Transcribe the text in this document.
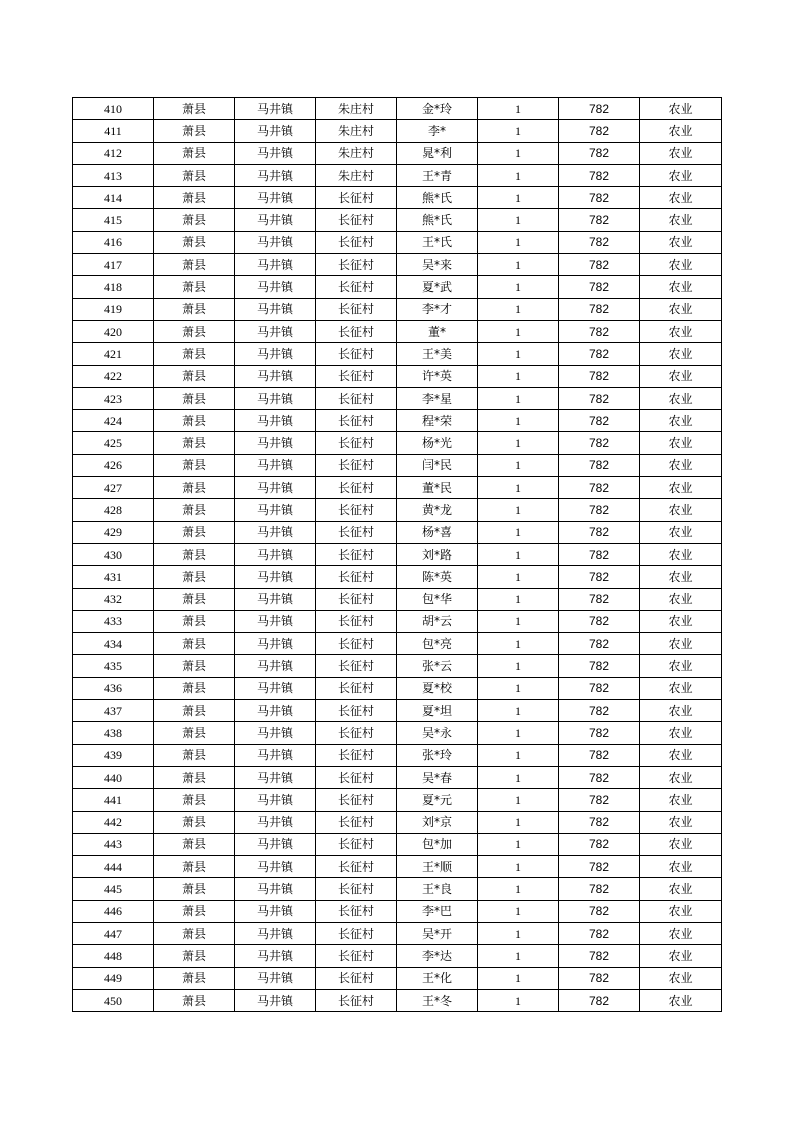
410	萧县	马井镇	朱庄村	金*玲	1	782	农业
411	萧县	马井镇	朱庄村	李*	1	782	农业
412	萧县	马井镇	朱庄村	晁*利	1	782	农业
413	萧县	马井镇	朱庄村	王*青	1	782	农业
414	萧县	马井镇	长征村	熊*氏	1	782	农业
415	萧县	马井镇	长征村	熊*氏	1	782	农业
416	萧县	马井镇	长征村	王*氏	1	782	农业
417	萧县	马井镇	长征村	吴*来	1	782	农业
418	萧县	马井镇	长征村	夏*武	1	782	农业
419	萧县	马井镇	长征村	李*才	1	782	农业
420	萧县	马井镇	长征村	董*	1	782	农业
421	萧县	马井镇	长征村	王*美	1	782	农业
422	萧县	马井镇	长征村	许*英	1	782	农业
423	萧县	马井镇	长征村	李*星	1	782	农业
424	萧县	马井镇	长征村	程*荣	1	782	农业
425	萧县	马井镇	长征村	杨*光	1	782	农业
426	萧县	马井镇	长征村	闫*民	1	782	农业
427	萧县	马井镇	长征村	董*民	1	782	农业
428	萧县	马井镇	长征村	黄*龙	1	782	农业
429	萧县	马井镇	长征村	杨*喜	1	782	农业
430	萧县	马井镇	长征村	刘*路	1	782	农业
431	萧县	马井镇	长征村	陈*英	1	782	农业
432	萧县	马井镇	长征村	包*华	1	782	农业
433	萧县	马井镇	长征村	胡*云	1	782	农业
434	萧县	马井镇	长征村	包*亮	1	782	农业
435	萧县	马井镇	长征村	张*云	1	782	农业
436	萧县	马井镇	长征村	夏*校	1	782	农业
437	萧县	马井镇	长征村	夏*坦	1	782	农业
438	萧县	马井镇	长征村	吴*永	1	782	农业
439	萧县	马井镇	长征村	张*玲	1	782	农业
440	萧县	马井镇	长征村	吴*春	1	782	农业
441	萧县	马井镇	长征村	夏*元	1	782	农业
442	萧县	马井镇	长征村	刘*京	1	782	农业
443	萧县	马井镇	长征村	包*加	1	782	农业
444	萧县	马井镇	长征村	王*顺	1	782	农业
445	萧县	马井镇	长征村	王*良	1	782	农业
446	萧县	马井镇	长征村	李*巴	1	782	农业
447	萧县	马井镇	长征村	吴*开	1	782	农业
448	萧县	马井镇	长征村	李*达	1	782	农业
449	萧县	马井镇	长征村	王*化	1	782	农业
450	萧县	马井镇	长征村	王*冬	1	782	农业
